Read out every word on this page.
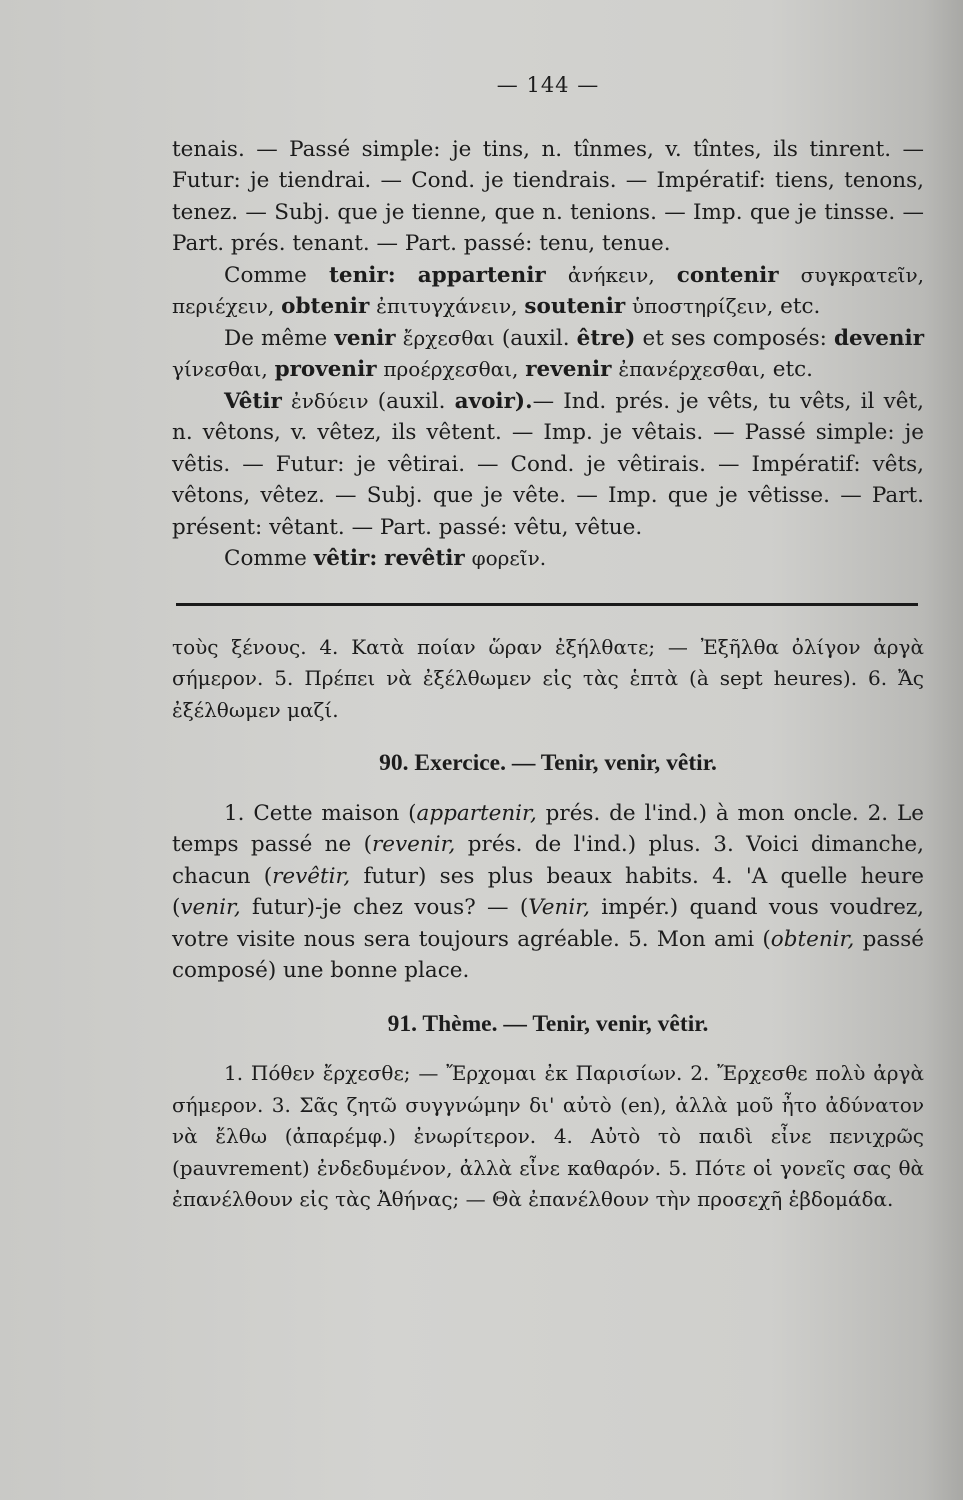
— 144 —

tenais. — Passé simple: je tins, n. tînmes, v. tîntes, ils tinrent. — Futur: je tiendrai. — Cond. je tiendrais. — Impératif: tiens, tenons, tenez. — Subj. que je tienne, que n. tenions. — Imp. que je tinsse. — Part. prés. tenant. — Part. passé: tenu, tenue.

Comme tenir: appartenir ἀνήκειν, contenir συγκρατεῖν, περιέχειν, obtenir ἐπιτυγχάνειν, soutenir ὑποστηρίζειν, etc.

De même venir ἔρχεσθαι (auxil. être) et ses composés: devenir γίνεσθαι, provenir προέρχεσθαι, revenir ἐπανέρχεσθαι, etc.

Vêtir ἐνδύειν (auxil. avoir).— Ind. prés. je vêts, tu vêts, il vêt, n. vêtons, v. vêtez, ils vêtent. — Imp. je vêtais. — Passé simple: je vêtis. — Futur: je vêtirai. — Cond. je vêtirais. — Impératif: vêts, vêtons, vêtez. — Subj. que je vête. — Imp. que je vêtisse. — Part. présent: vêtant. — Part. passé: vêtu, vêtue.

Comme vêtir: revêtir φορεῖν.

τοὺς ξένους. 4. Κατὰ ποίαν ὥραν ἐξήλθατε; — Ἐξῆλθα ὀλίγον ἀργὰ σήμερον. 5. Πρέπει νὰ ἐξέλθωμεν εἰς τὰς ἑπτὰ (à sept heures). 6. Ἄς ἐξέλθωμεν μαζί.

90. Exercice. — Tenir, venir, vêtir.

1. Cette maison (appartenir, prés. de l'ind.) à mon oncle. 2. Le temps passé ne (revenir, prés. de l'ind.) plus. 3. Voici dimanche, chacun (revêtir, futur) ses plus beaux habits. 4. 'A quelle heure (venir, futur)-je chez vous? — (Venir, impér.) quand vous voudrez, votre visite nous sera toujours agréable. 5. Mon ami (obtenir, passé composé) une bonne place.

91. Thème. — Tenir, venir, vêtir.

1. Πόθεν ἔρχεσθε; — Ἔρχομαι ἐκ Παρισίων. 2. Ἔρχεσθε πολὺ ἀργὰ σήμερον. 3. Σᾶς ζητῶ συγγνώμην δι' αὐτὸ (en), ἀλλὰ μοῦ ἦτο ἀδύνατον νὰ ἔλθω (ἀπαρέμφ.) ἐνωρίτερον. 4. Αὐτὸ τὸ παιδὶ εἶνε πενιχρῶς (pauvrement) ἐνδεδυμένον, ἀλλὰ εἶνε καθαρόν. 5. Πότε οἱ γονεῖς σας θὰ ἐπανέλθουν εἰς τὰς Ἀθήνας; — Θὰ ἐπανέλθουν τὴν προσεχῆ ἑβδομάδα.
